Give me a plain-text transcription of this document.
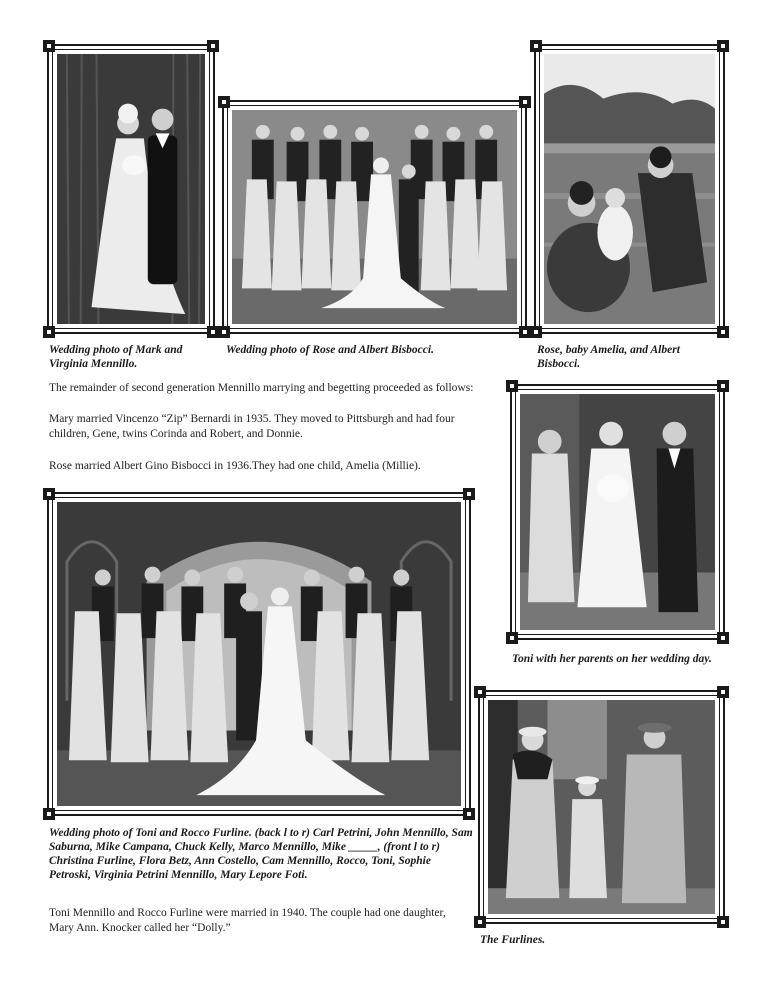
Wedding photo of Mark and Virginia Mennillo.
Wedding photo of Rose and Albert Bisbocci.	Rose, baby Amelia, and Albert Bisbocci.

The remainder of second generation Mennillo marrying and begetting proceeded as follows:

Mary married Vincenzo “Zip” Bernardi in 1935. They moved to Pittsburgh and had four children, Gene, twins Corinda and Robert, and Donnie.

Rose married Albert Gino Bisbocci in 1936.They had one child, Amelia (Millie).

Toni with her parents on her wedding day.
Wedding photo of Toni and Rocco Furline. (back l to r) Carl Petrini, John Mennillo, Sam Saburna, Mike Campana, Chuck Kelly, Marco Mennillo, Mike _____, (front l to r) Christina Furline, Flora Betz, Ann Costello, Cam Mennillo, Rocco, Toni, Sophie Petroski, Virginia Petrini Mennillo, Mary Lepore Foti.
The Furlines.

Toni Mennillo and Rocco Furline were married in 1940. The couple had one daughter, Mary Ann. Knocker called her “Dolly.”
